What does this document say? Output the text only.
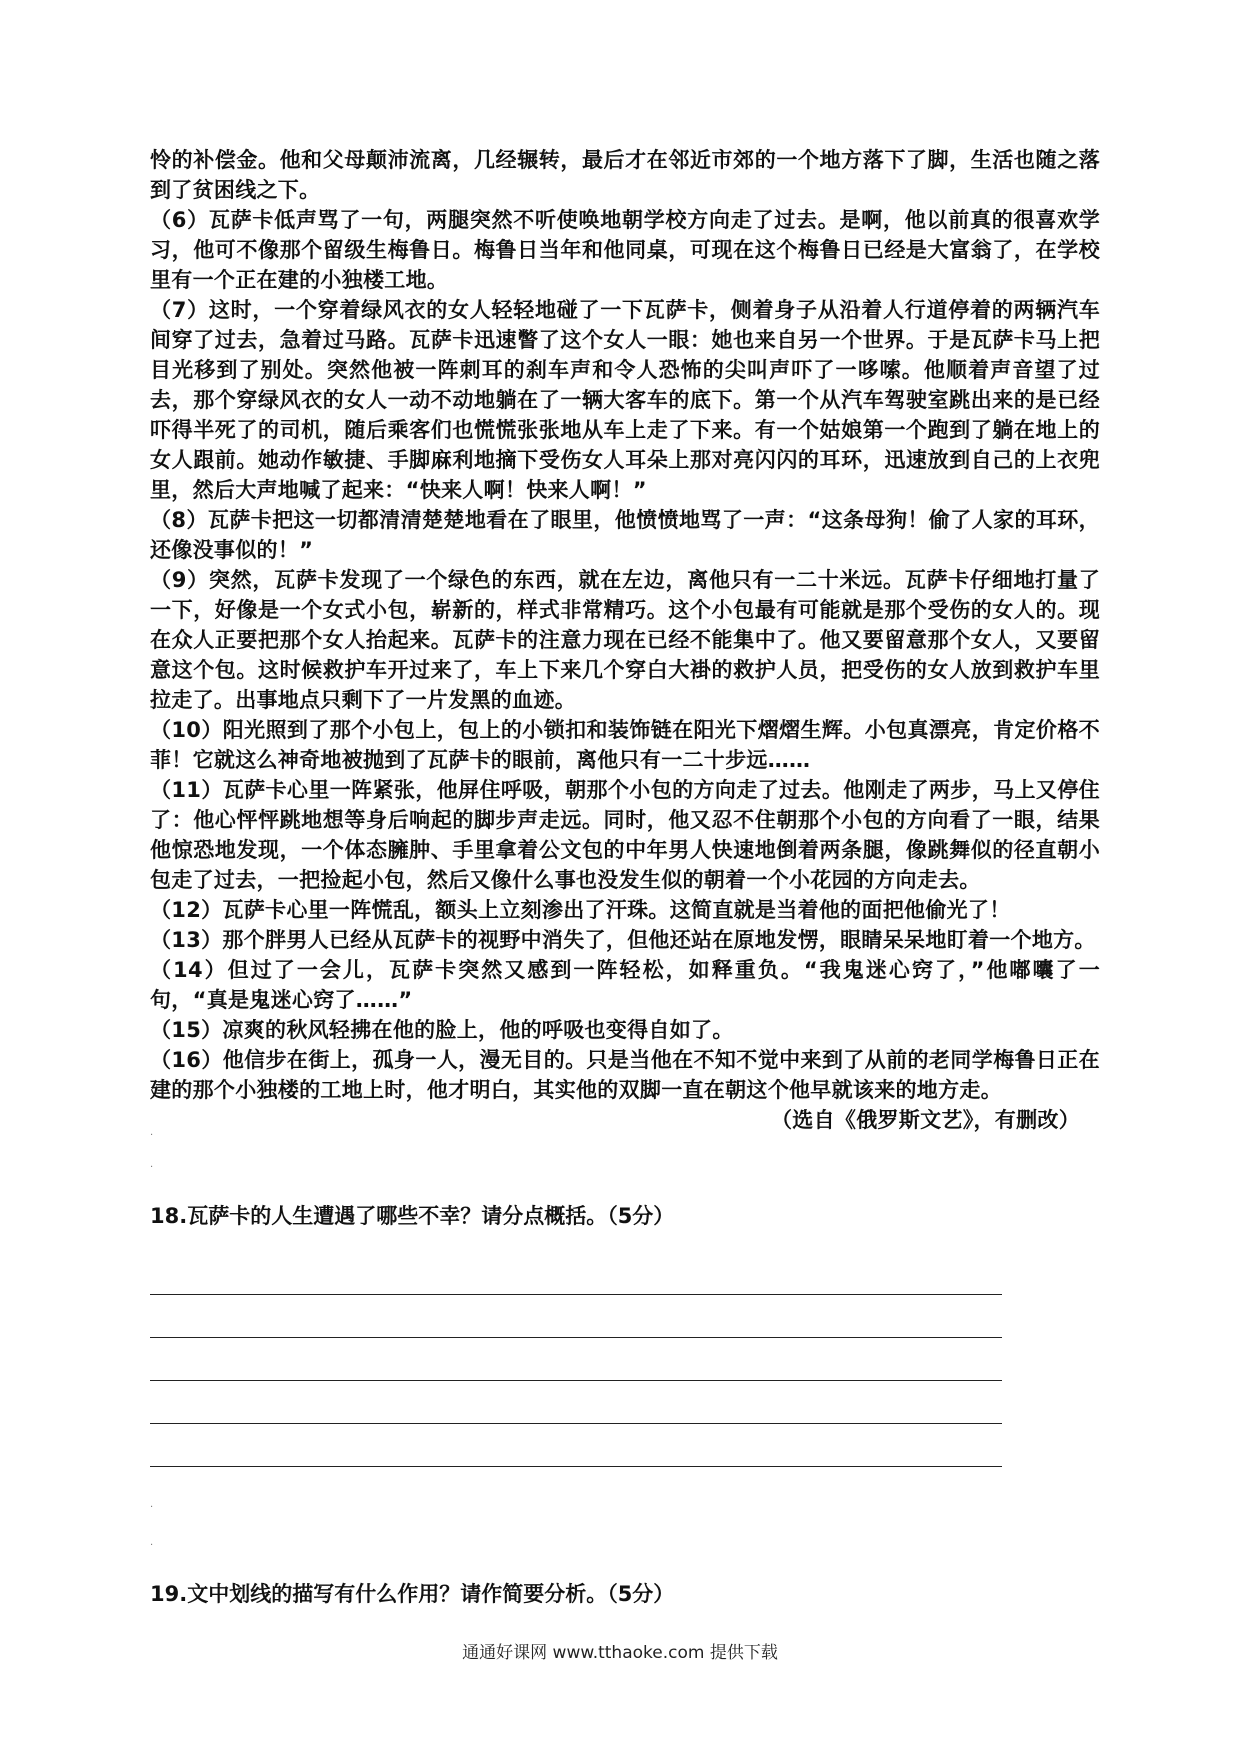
怜的补偿金。他和父母颠沛流离，几经辗转，最后才在邻近市郊的一个地方落下了脚，生活也随之落到了贫困线之下。

（6）瓦萨卡低声骂了一句，两腿突然不听使唤地朝学校方向走了过去。是啊，他以前真的很喜欢学习，他可不像那个留级生梅鲁日。梅鲁日当年和他同桌，可现在这个梅鲁日已经是大富翁了，在学校里有一个正在建的小独楼工地。

（7）这时，一个穿着绿风衣的女人轻轻地碰了一下瓦萨卡，侧着身子从沿着人行道停着的两辆汽车间穿了过去，急着过马路。瓦萨卡迅速瞥了这个女人一眼：她也来自另一个世界。于是瓦萨卡马上把目光移到了别处。突然他被一阵刺耳的刹车声和令人恐怖的尖叫声吓了一哆嗦。他顺着声音望了过去，那个穿绿风衣的女人一动不动地躺在了一辆大客车的底下。第一个从汽车驾驶室跳出来的是已经吓得半死了的司机，随后乘客们也慌慌张张地从车上走了下来。有一个姑娘第一个跑到了躺在地上的女人跟前。她动作敏捷、手脚麻利地摘下受伤女人耳朵上那对亮闪闪的耳环，迅速放到自己的上衣兜里，然后大声地喊了起来：“快来人啊！快来人啊！”

（8）瓦萨卡把这一切都清清楚楚地看在了眼里，他愤愤地骂了一声：“这条母狗！偷了人家的耳环，还像没事似的！”

（9）突然，瓦萨卡发现了一个绿色的东西，就在左边，离他只有一二十米远。瓦萨卡仔细地打量了一下，好像是一个女式小包，崭新的，样式非常精巧。这个小包最有可能就是那个受伤的女人的。现在众人正要把那个女人抬起来。瓦萨卡的注意力现在已经不能集中了。他又要留意那个女人，又要留意这个包。这时候救护车开过来了，车上下来几个穿白大褂的救护人员，把受伤的女人放到救护车里拉走了。出事地点只剩下了一片发黑的血迹。

（10）阳光照到了那个小包上，包上的小锁扣和装饰链在阳光下熠熠生辉。小包真漂亮，肯定价格不菲！它就这么神奇地被抛到了瓦萨卡的眼前，离他只有一二十步远……

（11）瓦萨卡心里一阵紧张，他屏住呼吸，朝那个小包的方向走了过去。他刚走了两步，马上又停住了：他心怦怦跳地想等身后响起的脚步声走远。同时，他又忍不住朝那个小包的方向看了一眼，结果他惊恐地发现，一个体态臃肿、手里拿着公文包的中年男人快速地倒着两条腿，像跳舞似的径直朝小包走了过去，一把捡起小包，然后又像什么事也没发生似的朝着一个小花园的方向走去。

（12）瓦萨卡心里一阵慌乱，额头上立刻渗出了汗珠。这简直就是当着他的面把他偷光了！

（13）那个胖男人已经从瓦萨卡的视野中消失了，但他还站在原地发愣，眼睛呆呆地盯着一个地方。

（14）但过了一会儿，瓦萨卡突然又感到一阵轻松，如释重负。“我鬼迷心窍了，”他嘟囔了一句，“真是鬼迷心窍了……”

（15）凉爽的秋风轻拂在他的脸上，他的呼吸也变得自如了。

（16）他信步在街上，孤身一人，漫无目的。只是当他在不知不觉中来到了从前的老同学梅鲁日正在建的那个小独楼的工地上时，他才明白，其实他的双脚一直在朝这个他早就该来的地方走。

（选自《俄罗斯文艺》，有删改）

·
·
18.瓦萨卡的人生遭遇了哪些不幸？请分点概括。（5分）
·
·
19.文中划线的描写有什么作用？请作简要分析。（5分）
通通好课网 www.tthaoke.com 提供下载
